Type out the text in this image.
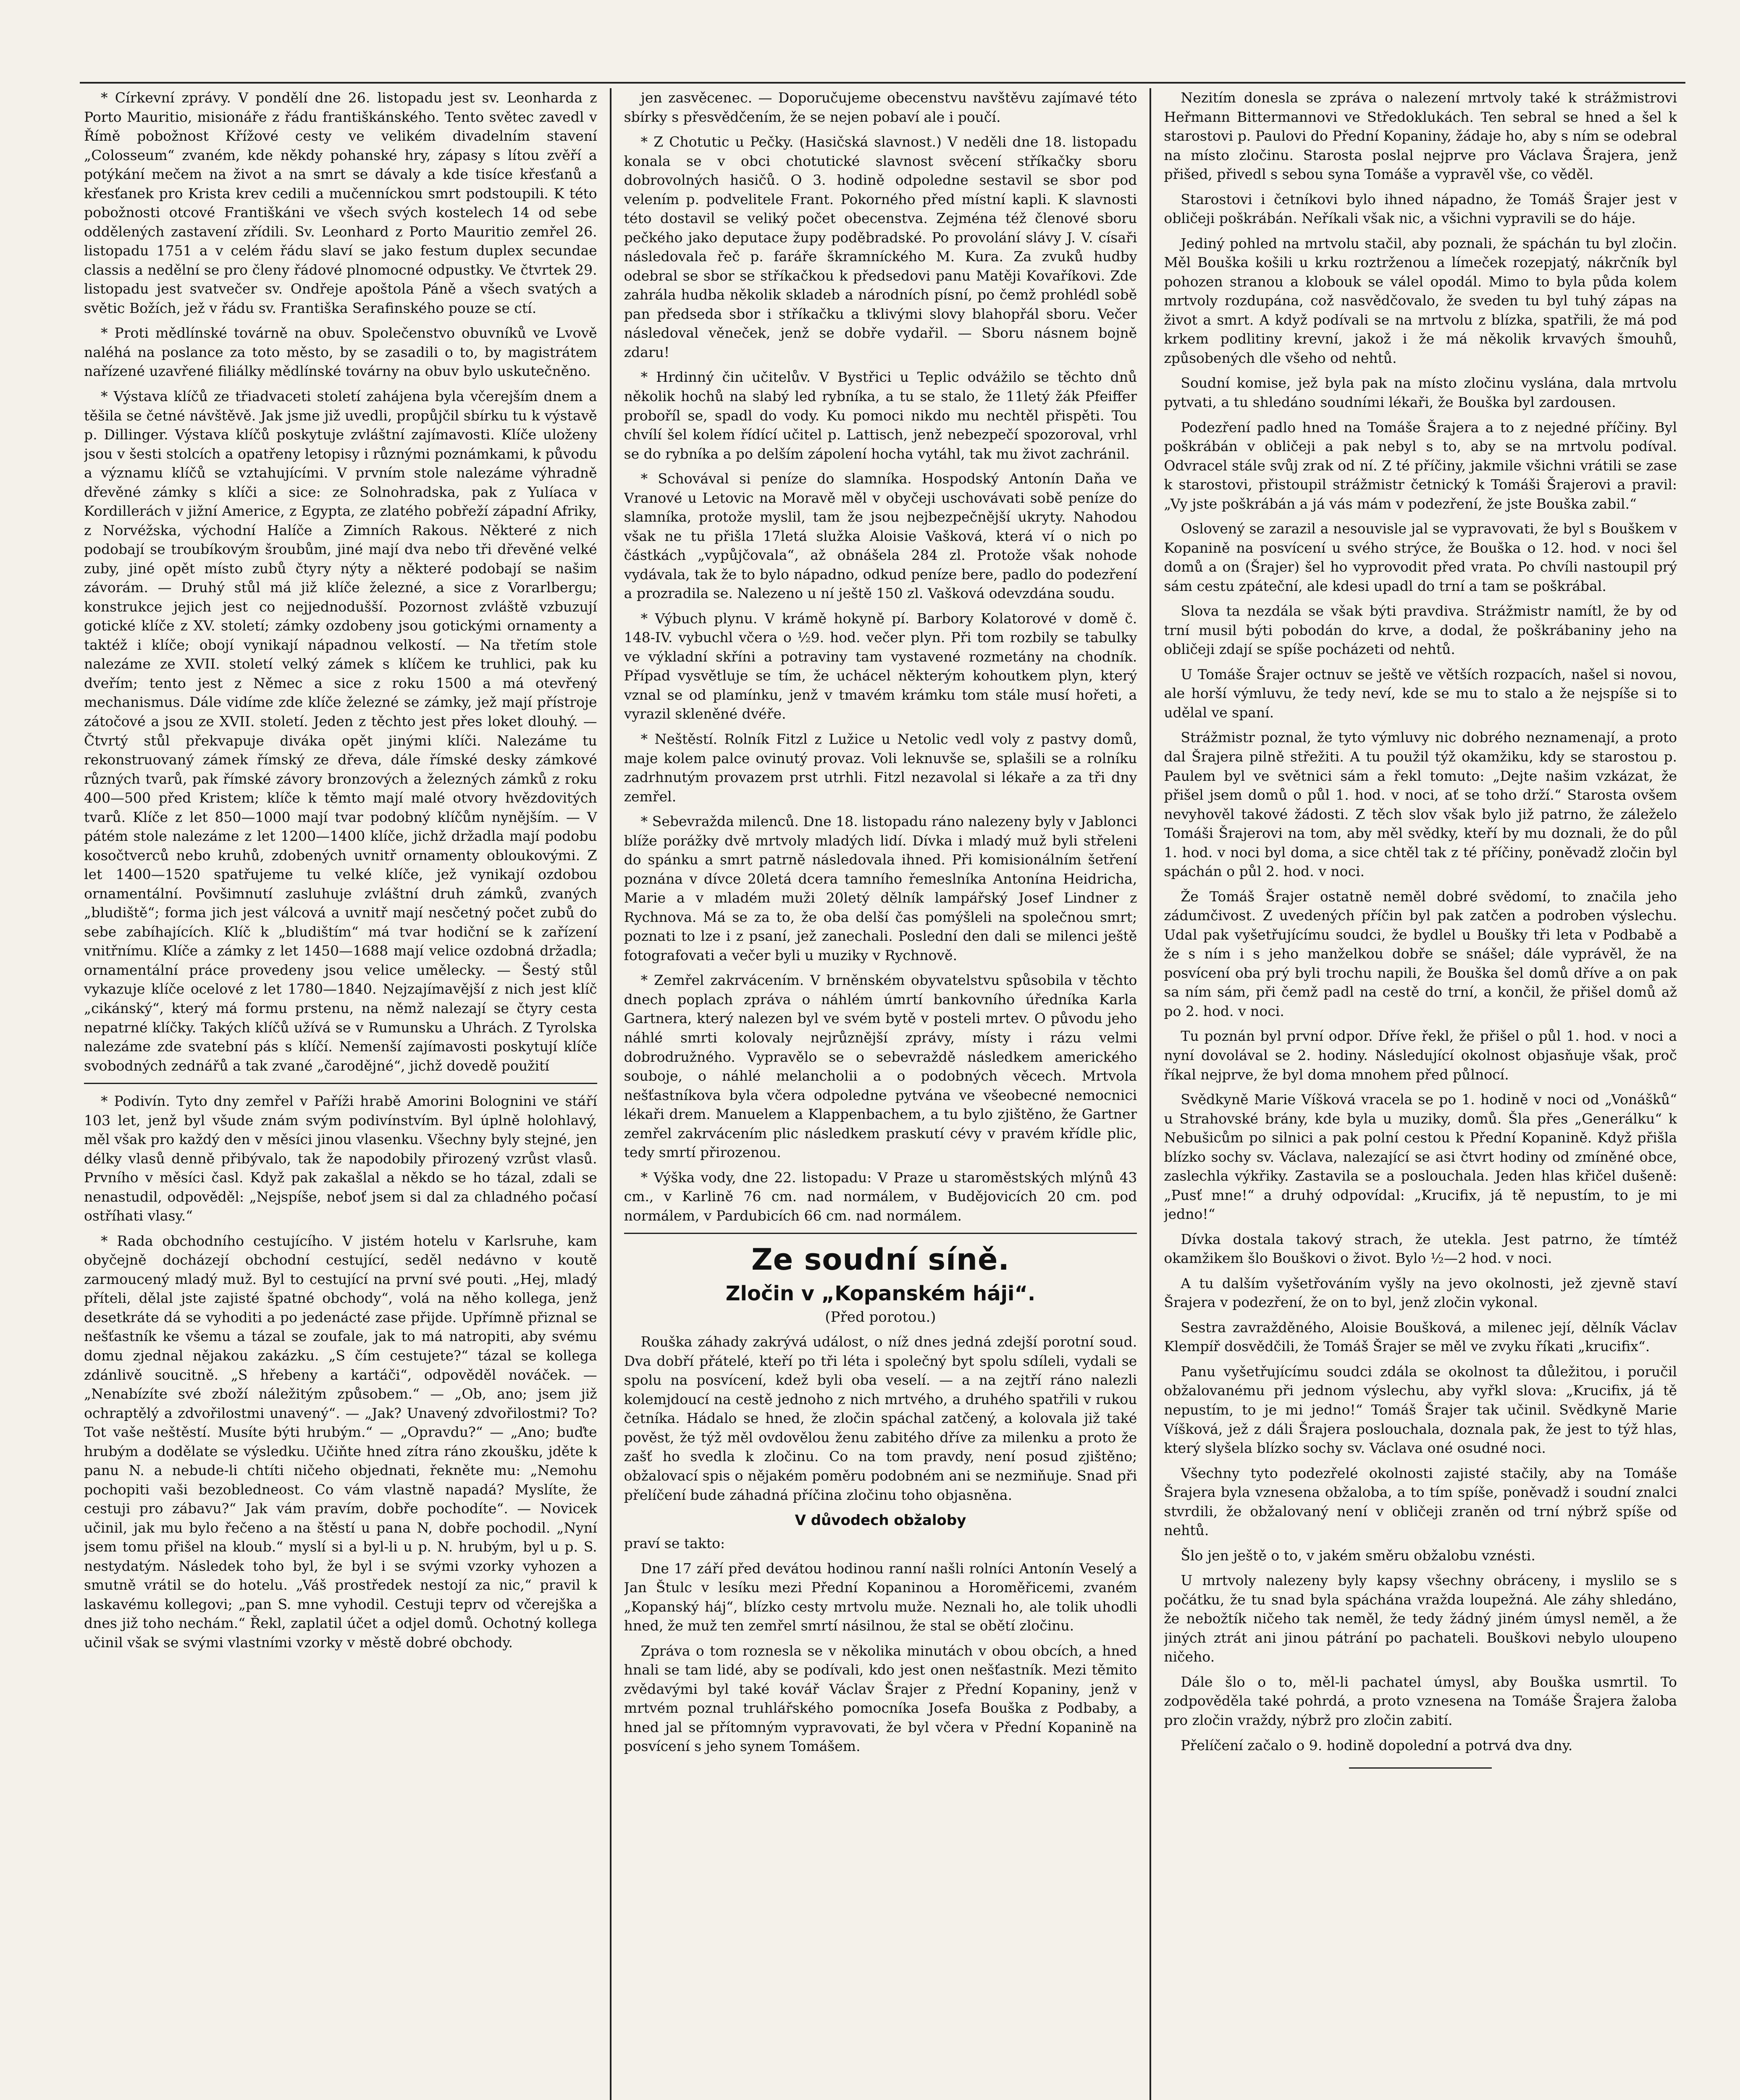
* Církevní zprávy. V pondělí dne 26. listopadu jest sv. Leonharda z Porto Mauritio, misionáře z řádu františkánského. Tento světec zavedl v Římě pobožnost Křížové cesty ve velikém divadelním stavení „Colosseum“ zvaném, kde někdy pohanské hry, zápasy s lítou zvěří a potýkání mečem na život a na smrt se dávaly a kde tisíce křesťanů a křesťanek pro Krista krev cedili a mučenníckou smrt podstoupili. K této pobožnosti otcové Františkáni ve všech svých kostelech 14 od sebe oddělených zastavení zřídili. Sv. Leonhard z Porto Mauritio zemřel 26. listopadu 1751 a v celém řádu slaví se jako festum duplex secundae classis a nedělní se pro členy řádové plnomocné odpustky. Ve čtvrtek 29. listopadu jest svatvečer sv. Ondřeje apoštola Páně a všech svatých a světic Božích, jež v řádu sv. Františka Serafinského pouze se ctí.

* Proti mědlínské továrně na obuv. Společenstvo obuvníků ve Lvově naléhá na poslance za toto město, by se zasadili o to, by magistrátem nařízené uzavřené filiálky mědlínské továrny na obuv bylo uskutečněno.

* Výstava klíčů ze třiadvaceti století zahájena byla včerejším dnem a těšila se četné návštěvě. Jak jsme již uvedli, propůjčil sbírku tu k výstavě p. Dillinger. Výstava klíčů poskytuje zvláštní zajímavosti. Klíče uloženy jsou v šesti stolcích a opatřeny letopisy i různými poznámkami, k původu a významu klíčů se vztahujícími. V prvním stole nalezáme výhradně dřevěné zámky s klíči a sice: ze Solnohradska, pak z Yulíaca v Kordillerách v jižní Americe, z Egypta, ze zlatého pobřeží západní Afriky, z Norvéžska, východní Halíče a Zimních Rakous. Některé z nich podobají se troubíkovým šroubům, jiné mají dva nebo tři dřevěné velké zuby, jiné opět místo zubů čtyry nýty a některé podobají se našim závorám. — Druhý stůl má již klíče železné, a sice z Vorarlbergu; konstrukce jejich jest co nejjednodušší. Pozornost zvláště vzbuzují gotické klíče z XV. století; zámky ozdobeny jsou gotickými ornamenty a taktéž i klíče; obojí vynikají nápadnou velkostí. — Na třetím stole nalezáme ze XVII. století velký zámek s klíčem ke truhlici, pak ku dveřím; tento jest z Němec a sice z roku 1500 a má otevřený mechanismus. Dále vidíme zde klíče železné se zámky, jež mají přístroje zátočové a jsou ze XVII. století. Jeden z těchto jest přes loket dlouhý. — Čtvrtý stůl překvapuje diváka opět jinými klíči. Nalezáme tu rekonstruovaný zámek římský ze dřeva, dále římské desky zámkové různých tvarů, pak římské závory bronzových a železných zámků z roku 400—500 před Kristem; klíče k těmto mají malé otvory hvězdovitých tvarů. Klíče z let 850—1000 mají tvar podobný klíčům nynějším. — V pátém stole nalezáme z let 1200—1400 klíče, jichž držadla mají podobu kosočtverců nebo kruhů, zdobených uvnitř ornamenty obloukovými. Z let 1400—1520 spatřujeme tu velké klíče, jež vynikají ozdobou ornamentální. Povšimnutí zasluhuje zvláštní druh zámků, zvaných „bludiště“; forma jich jest válcová a uvnitř mají nesčetný počet zubů do sebe zabíhajících. Klíč k „bludištím“ má tvar hodiční se k zařízení vnitřnímu. Klíče a zámky z let 1450—1688 mají velice ozdobná držadla; ornamentální práce provedeny jsou velice umělecky. — Šestý stůl vykazuje klíče ocelové z let 1780—1840. Nejzajímavější z nich jest klíč „cikánský“, který má formu prstenu, na němž nalezají se čtyry cesta nepatrné klíčky. Takých klíčů užívá se v Rumunsku a Uhrách. Z Tyrolska nalezáme zde svatební pás s klíčí. Nemenší zajímavosti poskytují klíče svobodných zednářů a tak zvané „čarodějné“, jichž dovedě použití

* Podivín. Tyto dny zemřel v Paříži hrabě Amorini Bolognini ve stáří 103 let, jenž byl všude znám svým podivínstvím. Byl úplně holohlavý, měl však pro každý den v měsíci jinou vlasenku. Všechny byly stejné, jen délky vlasů denně přibývalo, tak že napodobily přirozený vzrůst vlasů. Prvního v měsíci časl. Když pak zakašlal a někdo se ho tázal, zdali se nenastudil, odpověděl: „Nejspíše, neboť jsem si dal za chladného počasí ostříhati vlasy.“

* Rada obchodního cestujícího. V jistém hotelu v Karlsruhe, kam obyčejně docházejí obchodní cestující, seděl nedávno v koutě zarmoucený mladý muž. Byl to cestující na první své pouti. „Hej, mladý příteli, dělal jste zajisté špatné obchody“, volá na něho kollega, jenž desetkráte dá se vyhoditi a po jedenácté zase přijde. Upřímně přiznal se nešťastník ke všemu a tázal se zoufale, jak to má natropiti, aby svému domu zjednal nějakou zakázku. „S čím cestujete?“ tázal se kollega zdánlivě soucitně. „S hřebeny a kartáči“, odpověděl nováček. — „Nenabízíte své zboží náležitým způsobem.“ — „Ob, ano; jsem již ochraptělý a zdvořilostmi unavený“. — „Jak? Unavený zdvořilostmi? To? Tot vaše neštěstí. Musíte býti hrubým.“ — „Opravdu?“ — „Ano; buďte hrubým a dodělate se výsledku. Učiňte hned zítra ráno zkoušku, jděte k panu N. a nebude-li chtíti ničeho objednati, řekněte mu: „Nemohu pochopiti vaši bezobledneost. Co vám vlastně napadá? Myslíte, že cestuji pro zábavu?“ Jak vám pravím, dobře pochodíte“. — Novicek učinil, jak mu bylo řečeno a na štěstí u pana N, dobře pochodil. „Nyní jsem tomu přišel na kloub.“ myslí si a byl-li u p. N. hrubým, byl u p. S. nestydatým. Následek toho byl, že byl i se svými vzorky vyhozen a smutně vrátil se do hotelu. „Váš prostředek nestojí za nic,“ pravil k laskavému kollegovi; „pan S. mne vyhodil. Cestuji teprv od včerejška a dnes již toho nechám.“ Řekl, zaplatil účet a odjel domů. Ochotný kollega učinil však se svými vlastními vzorky v městě dobré obchody.

jen zasvěcenec. — Doporučujeme obecenstvu navštěvu zajímavé této sbírky s přesvědčením, že se nejen pobaví ale i poučí.

* Z Chotutic u Pečky. (Hasičská slavnost.) V neděli dne 18. listopadu konala se v obci chotutické slavnost svěcení stříkačky sboru dobrovolných hasičů. O 3. hodině odpoledne sestavil se sbor pod velením p. podvelitele Frant. Pokorného před místní kapli. K slavnosti této dostavil se veliký počet obecenstva. Zejména též členové sboru pečkého jako deputace župy poděbradské. Po provolání slávy J. V. císaři následovala řeč p. faráře škramníckého M. Kura. Za zvuků hudby odebral se sbor se stříkačkou k předsedovi panu Matěji Kovaříkovi. Zde zahrála hudba několik skladeb a národních písní, po čemž prohlédl sobě pan předseda sbor i stříkačku a tklivými slovy blahopřál sboru. Večer následoval věneček, jenž se dobře vydařil. — Sboru násnem bojně zdaru!

* Hrdinný čin učitelův. V Bystřici u Teplic odvážilo se těchto dnů několik hochů na slabý led rybníka, a tu se stalo, že 11letý žák Pfeiffer proboříl se, spadl do vody. Ku pomoci nikdo mu nechtěl přispěti. Tou chvílí šel kolem řídící učitel p. Lattisch, jenž nebezpečí spozoroval, vrhl se do rybníka a po delším zápolení hocha vytáhl, tak mu život zachránil.

* Schovával si peníze do slamníka. Hospodský Antonín Daňa ve Vranové u Letovic na Moravě měl v obyčeji uschovávati sobě peníze do slamníka, protože myslil, tam že jsou nejbezpečnější ukryty. Nahodou však ne tu přišla 17letá služka Aloisie Vašková, která ví o nich po částkách „vypůjčovala“, až obnášela 284 zl. Protože však nohode vydávala, tak že to bylo nápadno, odkud peníze bere, padlo do podezření a prozradila se. Nalezeno u ní ještě 150 zl. Vašková odevzdána soudu.

* Výbuch plynu. V krámě hokyně pí. Barbory Kolatorové v domě č. 148-IV. vybuchl včera o ½9. hod. večer plyn. Při tom rozbily se tabulky ve výkladní skříni a potraviny tam vystavené rozmetány na chodník. Případ vysvětluje se tím, že uchácel některým kohoutkem plyn, který vznal se od plamínku, jenž v tmavém krámku tom stále musí hořeti, a vyrazil skleněné dvéře.

* Neštěstí. Rolník Fitzl z Lužice u Netolic vedl voly z pastvy domů, maje kolem palce ovinutý provaz. Voli leknuvše se, splašili se a rolníku zadrhnutým provazem prst utrhli. Fitzl nezavolal si lékaře a za tři dny zemřel.

* Sebevražda milenců. Dne 18. listopadu ráno nalezeny byly v Jablonci blíže porážky dvě mrtvoly mladých lidí. Dívka i mladý muž byli střeleni do spánku a smrt patrně následovala ihned. Při komisionálním šetření poznána v dívce 20letá dcera tamního řemeslníka Antonína Heidricha, Marie a v mladém muži 20letý dělník lampářský Josef Lindner z Rychnova. Má se za to, že oba delší čas pomýšleli na společnou smrt; poznati to lze i z psaní, jež zanechali. Poslední den dali se milenci ještě fotografovati a večer byli u muziky v Rychnově.

* Zemřel zakrvácením. V brněnském obyvatelstvu spůsobila v těchto dnech poplach zpráva o náhlém úmrtí bankovního úředníka Karla Gartnera, který nalezen byl ve svém bytě v posteli mrtev. O původu jeho náhlé smrti kolovaly nejrůznější zprávy, místy i rázu velmi dobrodružného. Vypravělo se o sebevraždě následkem amerického souboje, o náhlé melancholii a o podobných věcech. Mrtvola nešťastníkova byla včera odpoledne pytvána ve všeobecné nemocnici lékaři drem. Manuelem a Klappenbachem, a tu bylo zjištěno, že Gartner zemřel zakrvácením plic následkem praskutí cévy v pravém křídle plic, tedy smrtí přirozenou.

* Výška vody, dne 22. listopadu: V Praze u staroměstských mlýnů 43 cm., v Karlině 76 cm. nad normálem, v Budějovicích 20 cm. pod normálem, v Pardubicích 66 cm. nad normálem.

Ze soudní síně.
Zločin v „Kopanském háji“.
(Před porotou.)

Rouška záhady zakrývá událost, o níž dnes jedná zdejší porotní soud. Dva dobří přátelé, kteří po tři léta i společný byt spolu sdíleli, vydali se spolu na posvícení, kdež byli oba veselí. — a na zejtří ráno nalezli kolemjdoucí na cestě jednoho z nich mrtvého, a druhého spatřili v rukou četníka. Hádalo se hned, že zločin spáchal zatčený, a kolovala již také pověst, že týž měl ovdovělou ženu zabitého dříve za milenku a proto že zašť ho svedla k zločinu. Co na tom pravdy, není posud zjištěno; obžalovací spis o nějakém poměru podobném ani se nezmiňuje. Snad při přelíčení bude záhadná příčina zločinu toho objasněna.

V důvodech obžaloby

praví se takto:

Dne 17 září před devátou hodinou ranní našli rolníci Antonín Veselý a Jan Štulc v lesíku mezi Přední Kopaninou a Horoměřicemi, zvaném „Kopanský háj“, blízko cesty mrtvolu muže. Neznali ho, ale tolik uhodli hned, že muž ten zemřel smrtí násilnou, že stal se obětí zločinu.

Zpráva o tom roznesla se v několika minutách v obou obcích, a hned hnali se tam lidé, aby se podívali, kdo jest onen nešťastník. Mezi těmito zvědavými byl také kovář Václav Šrajer z Přední Kopaniny, jenž v mrtvém poznal truhlářského pomocníka Josefa Bouška z Podbaby, a hned jal se přítomným vypravovati, že byl včera v Přední Kopanině na posvícení s jeho synem Tomášem.

Nezitím donesla se zpráva o nalezení mrtvoly také k strážmistrovi Heřmann Bittermannovi ve Středoklukách. Ten sebral se hned a šel k starostovi p. Paulovi do Přední Kopaniny, žádaje ho, aby s ním se odebral na místo zločinu. Starosta poslal nejprve pro Václava Šrajera, jenž přišed, přivedl s sebou syna Tomáše a vypravěl vše, co věděl.

Starostovi i četníkovi bylo ihned nápadno, že Tomáš Šrajer jest v obličeji poškrábán. Neříkali však nic, a všichni vypravili se do háje.

Jediný pohled na mrtvolu stačil, aby poznali, že spáchán tu byl zločin. Měl Bouška košili u krku roztrženou a límeček rozepjatý, nákrčník byl pohozen stranou a klobouk se válel opodál. Mimo to byla půda kolem mrtvoly rozdupána, což nasvědčovalo, že sveden tu byl tuhý zápas na život a smrt. A když podívali se na mrtvolu z blízka, spatřili, že má pod krkem podlitiny krevní, jakož i že má několik krvavých šmouhů, způsobených dle všeho od nehtů.

Soudní komise, jež byla pak na místo zločinu vyslána, dala mrtvolu pytvati, a tu shledáno soudními lékaři, že Bouška byl zardousen.

Podezření padlo hned na Tomáše Šrajera a to z nejedné příčiny. Byl poškrábán v obličeji a pak nebyl s to, aby se na mrtvolu podíval. Odvracel stále svůj zrak od ní. Z té příčiny, jakmile všichni vrátili se zase k starostovi, přistoupil strážmistr četnický k Tomáši Šrajerovi a pravil: „Vy jste poškrábán a já vás mám v podezření, že jste Bouška zabil.“

Oslovený se zarazil a nesouvisle jal se vypravovati, že byl s Bouškem v Kopanině na posvícení u svého strýce, že Bouška o 12. hod. v noci šel domů a on (Šrajer) šel ho vyprovodit před vrata. Po chvíli nastoupil prý sám cestu zpáteční, ale kdesi upadl do trní a tam se poškrábal.

Slova ta nezdála se však býti pravdiva. Strážmistr namítl, že by od trní musil býti pobodán do krve, a dodal, že poškrábaniny jeho na obličeji zdají se spíše pocházeti od nehtů.

U Tomáše Šrajer octnuv se ještě ve větších rozpacích, našel si novou, ale horší výmluvu, že tedy neví, kde se mu to stalo a že nejspíše si to udělal ve spaní.

Strážmistr poznal, že tyto výmluvy nic dobrého neznamenají, a proto dal Šrajera pilně střežiti. A tu použil týž okamžiku, kdy se starostou p. Paulem byl ve světnici sám a řekl tomuto: „Dejte našim vzkázat, že přišel jsem domů o půl 1. hod. v noci, ať se toho drží.“ Starosta ovšem nevyhověl takové žádosti. Z těch slov však bylo již patrno, že záleželo Tomáši Šrajerovi na tom, aby měl svědky, kteří by mu doznali, že do půl 1. hod. v noci byl doma, a sice chtěl tak z té příčiny, poněvadž zločin byl spáchán o půl 2. hod. v noci.

Že Tomáš Šrajer ostatně neměl dobré svědomí, to značila jeho zádumčivost. Z uvedených příčin byl pak zatčen a podroben výslechu. Udal pak vyšetřujícímu soudci, že bydlel u Boušky tři leta v Podbabě a že s ním i s jeho manželkou dobře se snášel; dále vyprávěl, že na posvícení oba prý byli trochu napili, že Bouška šel domů dříve a on pak sa ním sám, při čemž padl na cestě do trní, a končil, že přišel domů až po 2. hod. v noci.

Tu poznán byl první odpor. Dříve řekl, že přišel o půl 1. hod. v noci a nyní dovolával se 2. hodiny. Následující okolnost objasňuje však, proč říkal nejprve, že byl doma mnohem před půlnocí.

Svědkyně Marie Víšková vracela se po 1. hodině v noci od „Vonášků“ u Strahovské brány, kde byla u muziky, domů. Šla přes „Generálku“ k Nebušicům po silnici a pak polní cestou k Přední Kopanině. Když přišla blízko sochy sv. Václava, nalezající se asi čtvrt hodiny od zmíněné obce, zaslechla výkřiky. Zastavila se a poslouchala. Jeden hlas křičel dušeně: „Pusť mne!“ a druhý odpovídal: „Krucifix, já tě nepustím, to je mi jedno!“

Dívka dostala takový strach, že utekla. Jest patrno, že tímtéž okamžikem šlo Bouškovi o život. Bylo ½—2 hod. v noci.

A tu dalším vyšetřováním vyšly na jevo okolnosti, jež zjevně staví Šrajera v podezření, že on to byl, jenž zločin vykonal.

Sestra zavražděného, Aloisie Boušková, a milenec její, dělník Václav Klempíř dosvědčili, že Tomáš Šrajer se měl ve zvyku říkati „krucifix“.

Panu vyšetřujícímu soudci zdála se okolnost ta důležitou, i poručil obžalovanému při jednom výslechu, aby vyřkl slova: „Krucifix, já tě nepustím, to je mi jedno!“ Tomáš Šrajer tak učinil. Svědkyně Marie Víšková, jež z dáli Šrajera poslouchala, doznala pak, že jest to týž hlas, který slyšela blízko sochy sv. Václava oné osudné noci.

Všechny tyto podezřelé okolnosti zajisté stačily, aby na Tomáše Šrajera byla vznesena obžaloba, a to tím spíše, poněvadž i soudní znalci stvrdili, že obžalovaný není v obličeji zraněn od trní nýbrž spíše od nehtů.

Šlo jen ještě o to, v jakém směru obžalobu vznésti.

U mrtvoly nalezeny byly kapsy všechny obráceny, i myslilo se s počátku, že tu snad byla spáchána vražda loupežná. Ale záhy shledáno, že nebožtík ničeho tak neměl, že tedy žádný jiném úmysl neměl, a že jiných ztrát ani jinou pátrání po pachateli. Bouškovi nebylo uloupeno ničeho.

Dále šlo o to, měl-li pachatel úmysl, aby Bouška usmrtil. To zodpověděla také pohrdá, a proto vznesena na Tomáše Šrajera žaloba pro zločin vraždy, nýbrž pro zločin zabití.

Přelíčení začalo o 9. hodině dopolední a potrvá dva dny.
